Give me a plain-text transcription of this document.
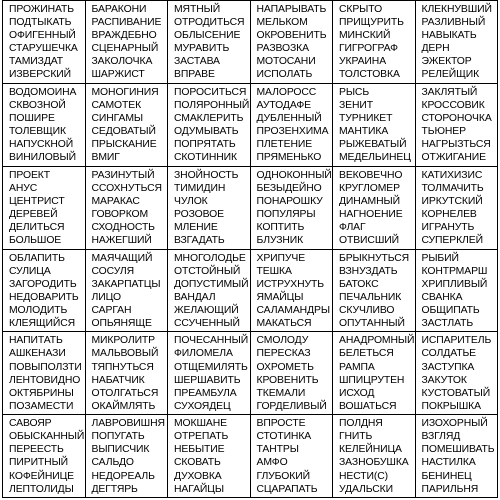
ПРОЖИНАТЬ
ПОДТЫКАТЬ
ОФИГЕННЫЙ
СТАРУШЕЧКА
ТАМИЗДАТ
ИЗВЕРСКИЙ
БАРАКОНИ
РАСПИВАНИЕ
ВРАЖДЕБНО
СЦЕНАРНЫЙ
ЗАКОЛОЧКА
ШАРЖИСТ
МЯТНЫЙ
ОТРОДИТЬСЯ
ОБЛЫСЕНИЕ
МУРАВИТЬ
ЗАСТАВА
ВПРАВЕ
НАПАРЫВАТЬ
МЕЛЬКОМ
ОКРОВЕНИТЬ
РАЗВОЗКА
МОТОСАНИ
ИСПОЛАТЬ
СКРЫТО
ПРИЩУРИТЬ
МИНСКИЙ
ГИГРОГРАФ
УКРАИНА
ТОЛСТОВКА
КЛЕКНУВШИЙ
РАЗЛИВНЫЙ
НАВЫКАТЬ
ДЕРН
ЭЖЕКТОР
РЕЛЕЙЩИК
ВОДОМОИНА
СКВОЗНОЙ
ПОШИРЕ
ТОЛЕВЩИК
НАПУСКНОЙ
ВИНИЛОВЫЙ
МОНОГИНИЯ
САМОТЕК
СИНГАМЫ
СЕДОВАТЫЙ
ПРЫСКАНИЕ
ВМИГ
ПОРОСИТЬСЯ
ПОЛЯРОННЫЙ
СМАКЛЕРИТЬ
ОДУМЫВАТЬ
ПОПРЯТАТЬ
СКОТИННИК
МАЛОРОСС
АУТОДАФЕ
ДУБЛЕННЫЙ
ПРОЗЕНХИМА
ПЛЕТЕНИЕ
ПРЯМЕНЬКО
РЫСЬ
ЗЕНИТ
ТУРНИКЕТ
МАНТИКА
РЫЖЕВАТЫЙ
МЕДЕЛЬИНЕЦ
ЗАКЛЯТЫЙ
КРОССОВИК
СТОРОНОЧКА
ТЬЮНЕР
НАГРЫЗТЬСЯ
ОТЖИГАНИЕ
ПРОЕКТ
АНУС
ЦЕНТРИСТ
ДЕРЕВЕЙ
ДЕЛИТЬСЯ
БОЛЬШОЕ
РАЗИНУТЫЙ
ССОХНУТЬСЯ
МАРАКАС
ГОВОРКОМ
СХОДНОСТЬ
НАЖЕГШИЙ
ЗНОЙНОСТЬ
ТИМИДИН
ЧУЛОК
РОЗОВОЕ
МЛЕНИЕ
ВЗГАДАТЬ
ОДНОКОННЫЙ
БЕЗЫДЕЙНО
ПОНАРОШКУ
ПОПУЛЯРЫ
КОПТИТЬ
БЛУЗНИК
ВЕКОВЕЧНО
КРУГЛОМЕР
ДИНАМНЫЙ
НАГНОЕНИЕ
ФЛАГ
ОТВИСШИЙ
КАТИХИЗИС
ТОЛМАЧИТЬ
ИРКУТСКИЙ
КОРНЕЛЕВ
ИГРАНУТЬ
СУПЕРКЛЕЙ
ОБЛАПИТЬ
СУЛИЦА
ЗАГОРОДИТЬ
НЕДОВАРИТЬ
МОЛОДИТЬ
КЛЕЯЩИЙСЯ
МАЯЧАЩИЙ
СОСУЛЯ
ЗАКАРПАТЦЫ
ЛИЦО
САРГАН
ОПЬЯНЯЩЕ
МНОГОЛОДЬЕ
ОТСТОЙНЫЙ
ДОПУСТИМЫЙ
ВАНДАЛ
ЖЕЛАЮЩИЙ
ССУЧЕННЫЙ
ХРИПУЧЕ
ТЕШКА
ИСТРУХНУТЬ
ЯМАЙЦЫ
САЛАМАНДРЫ
МАКАТЬСЯ
БРЫКНУТЬСЯ
ВЗНУЗДАТЬ
БАТОКС
ПЕЧАЛЬНИК
СКУЧЛИВО
ОПУТАННЫЙ
РЫБИЙ
КОНТРМАРШ
ХРИПЛИВЫЙ
СВАНКА
ОБЩИПАТЬ
ЗАСТЛАТЬ
НАПИТАТЬ
АШКЕНАЗИ
ПОВЫПОЛЗТИ
ЛЕНТОВИДНО
ОКТЯБРИНЫ
ПОЗАМЕСТИ
МИКРОЛИТР
МАЛЬВОВЫЙ
ТЯПНУТЬСЯ
НАБАТЧИК
ОТОЛГАТЬСЯ
ОКАЙМЛЯТЬ
ПОЧЕСАННЫЙ
ФИЛОМЕЛА
ОТЩЕМИЛЯТЬ
ШЕРШАВИТЬ
ПРЕАМБУЛА
СУХОЯДЕЦ
СМОЛОДУ
ПЕРЕСКАЗ
ОХРОМЕТЬ
КРОВЕНИТЬ
ТКЕМАЛИ
ГОРДЕЛИВЫЙ
АНАДРОМНЫЙ
БЕЛЕТЬСЯ
РАМПА
ШПИЦРУТЕН
ИСХОД
ВОШАТЬСЯ
ИСПАРИТЕЛЬ
СОЛДАТЬЕ
ЗАСТУПКА
ЗАКУТОК
КУСТОВАТЫЙ
ПОКРЫШКА
САВОЯР
ОБЫСКАННЫЙ
ПЕРЕЕСТЬ
ПИРИТНЫЙ
КОФЕЙНИЦЕ
ЛЕПТОЛИДЫ
ЛАВРОВИШНЯ
ПОПУГАТЬ
ВЫПИСЧИК
САЛЬДО
НЕДОРЕАЛЬ
ДЕГТЯРЬ
МОКШАНЕ
ОТРЕПАТЬ
НЕБЫТИЕ
СКОВАТЬ
ДУХОВКА
НАГАЙЦЫ
ВПРОСТЕ
СТОТИНКА
ТАНТРЫ
АМФО
ГЛУБОКИЙ
СЦАРАПАТЬ
ПОЛДНЯ
ГНИТЬ
КЕЛЕЙНИЦА
ЗАЗНОБУШКА
НЕСТИ(С)
УДАЛЬСКИ
ИЗОХОРНЫЙ
ВЗГЛЯД
ПОМЕШИВАТЬ
НАСТИЛКА
БЕНИНЕЦ
ПАРИЛЬНЯ
